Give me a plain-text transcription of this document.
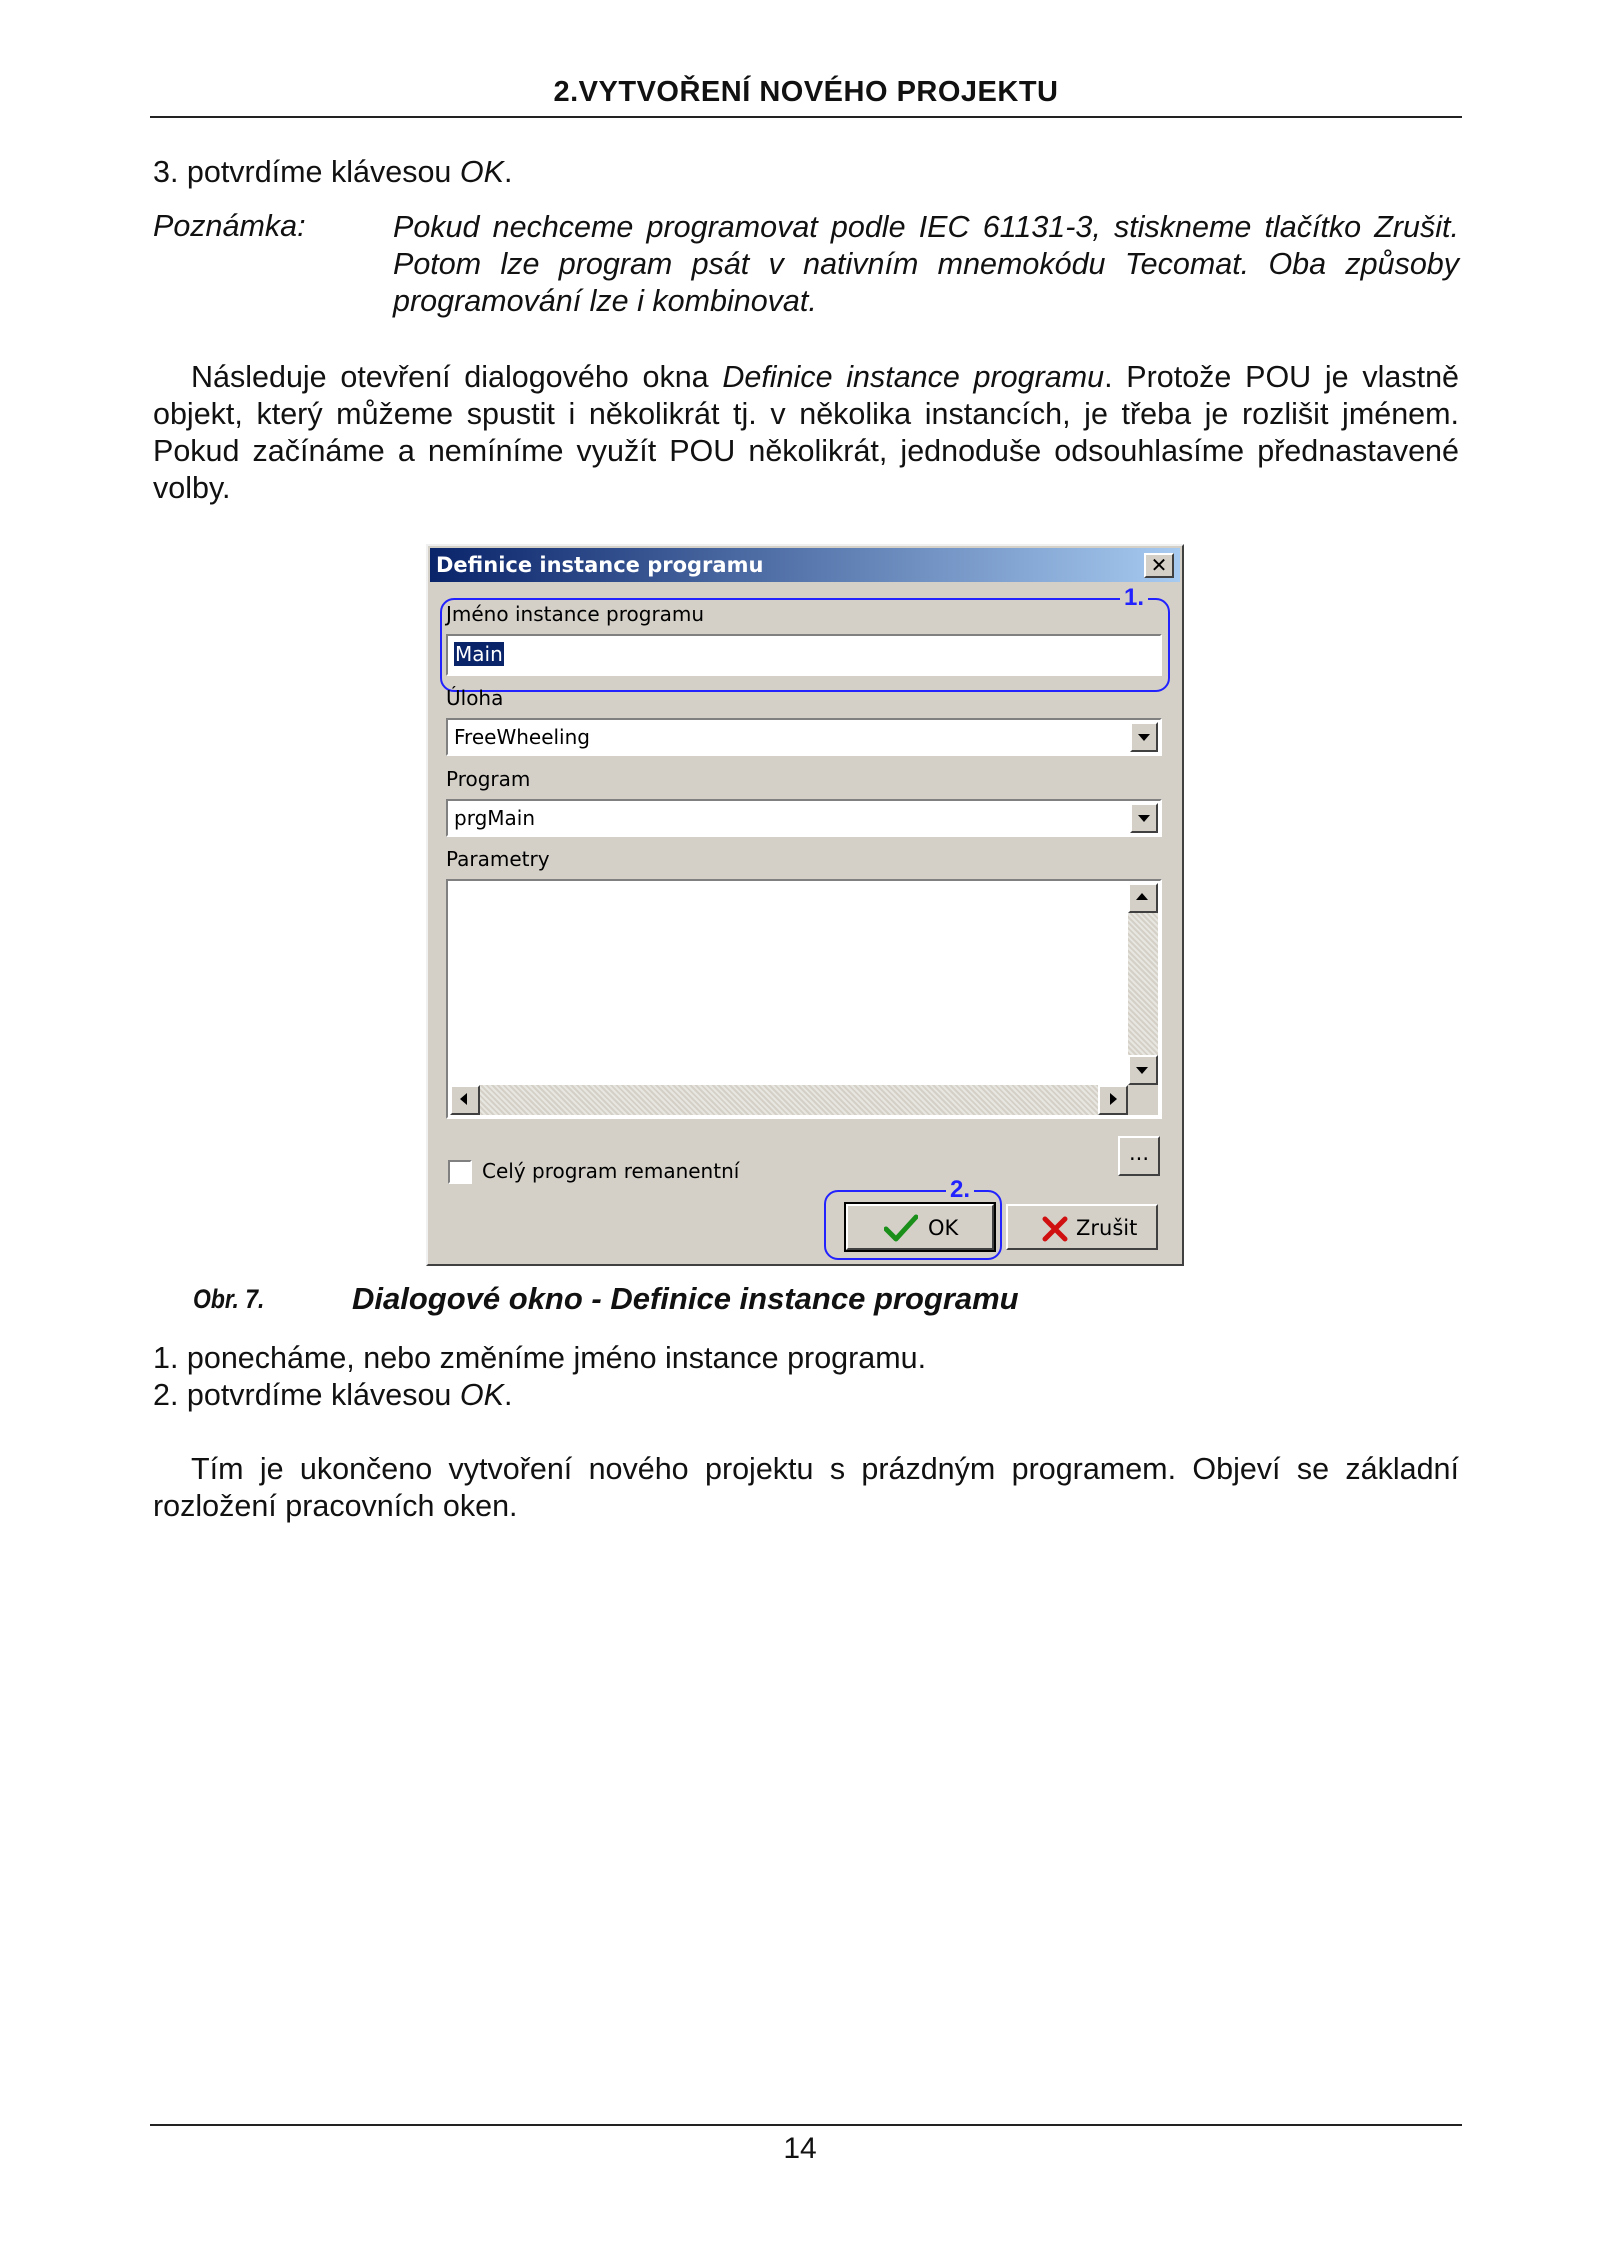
2.VYTVOŘENÍ NOVÉHO PROJEKTU

3. potvrdíme klávesou OK.

Poznámka:	Pokud nechceme programovat podle IEC 61131-3, stiskneme tlačítko Zrušit. Potom lze program psát v nativním mnemokódu Tecomat. Oba způsoby programování lze i kombinovat.

Následuje otevření dialogového okna Definice instance programu. Protože POU je vlastně objekt, který můžeme spustit i několikrát tj. v několika instancích, je třeba je rozlišit jménem. Pokud začínáme a nemíníme využít POU několikrát, jednoduše odsouhlasíme přednastavené volby.

Definice instance programu	✕
1.
Jméno instance programu
Main
Úloha
FreeWheeling
Program
prgMain
Parametry
...
Celý program remanentní
2.
OK	Zrušit
Obr. 7.	Dialogové okno - Definice instance programu

1. ponecháme, nebo změníme jméno instance programu.

2. potvrdíme klávesou OK.

Tím je ukončeno vytvoření nového projektu s prázdným programem. Objeví se základní rozložení pracovních oken.

14
